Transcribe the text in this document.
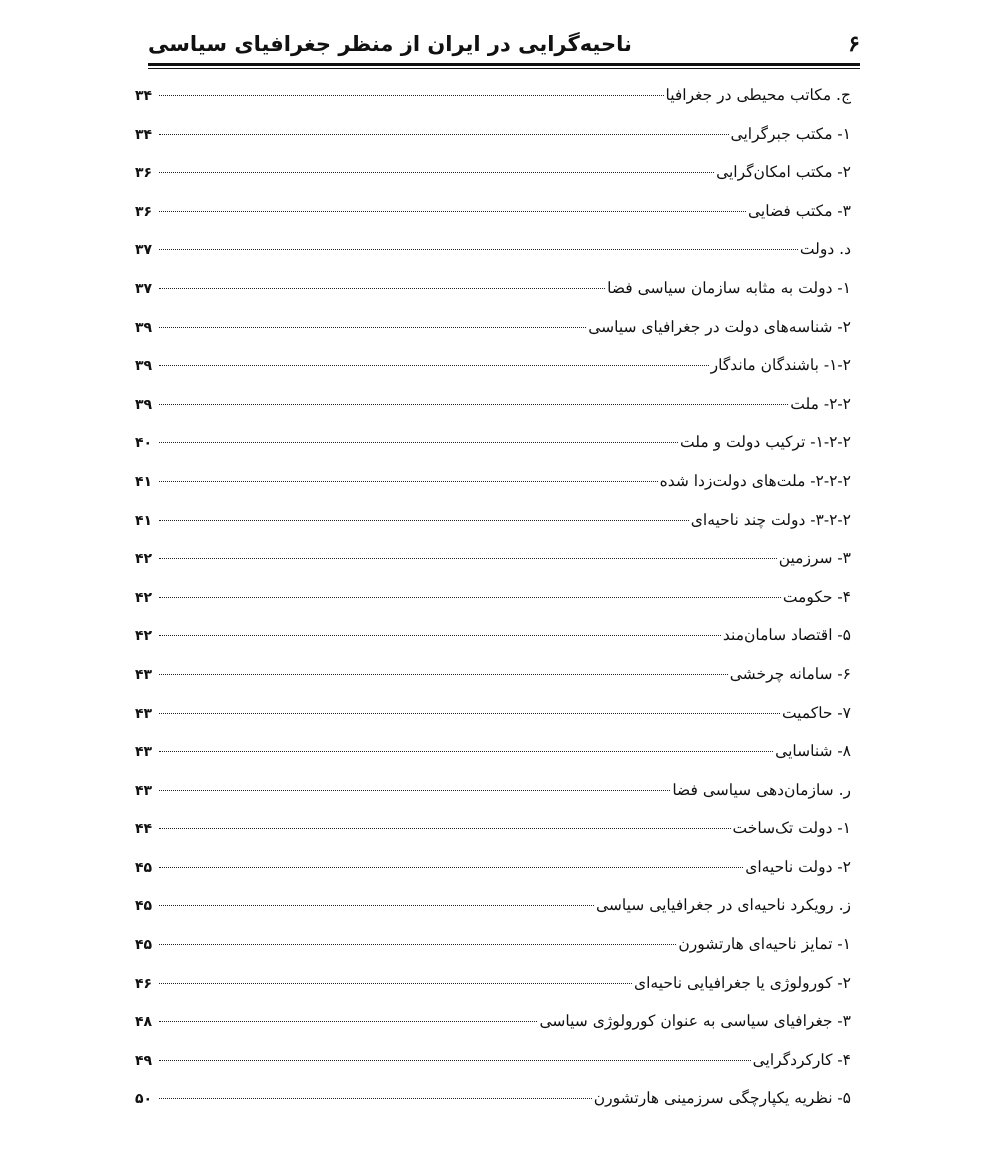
۶
ناحیه‌گرایی در ایران از منظر جغرافیای سیاسی
ج. مکاتب محیطی در جغرافیا
۳۴
۱- مکتب جبرگرایی
۳۴
۲- مکتب امکان‌گرایی
۳۶
۳- مکتب فضایی
۳۶
د. دولت
۳۷
۱- دولت به مثابه سازمان سیاسی فضا
۳۷
۲- شناسه‌های دولت در جغرافیای سیاسی
۳۹
۱-۲- باشندگان ماندگار
۳۹
۲-۲- ملت
۳۹
۱-۲-۲- ترکیب دولت و ملت
۴۰
۲-۲-۲- ملت‌های دولت‌زدا شده
۴۱
۳-۲-۲- دولت چند ناحیه‌ای
۴۱
۳- سرزمین
۴۲
۴- حکومت
۴۲
۵- اقتصاد سامان‌مند
۴۲
۶- سامانه چرخشی
۴۳
۷- حاکمیت
۴۳
۸- شناسایی
۴۳
ر. سازمان‌دهی سیاسی فضا
۴۳
۱- دولت تک‌ساخت
۴۴
۲- دولت ناحیه‌ای
۴۵
ز. رویکرد ناحیه‌ای در جغرافیایی سیاسی
۴۵
۱- تمایز ناحیه‌ای هارتشورن
۴۵
۲- کورولوژی یا جغرافیایی ناحیه‌ای
۴۶
۳- جغرافیای سیاسی به عنوان کورولوژی سیاسی
۴۸
۴- کارکردگرایی
۴۹
۵- نظریه یکپارچگی سرزمینی هارتشورن
۵۰
